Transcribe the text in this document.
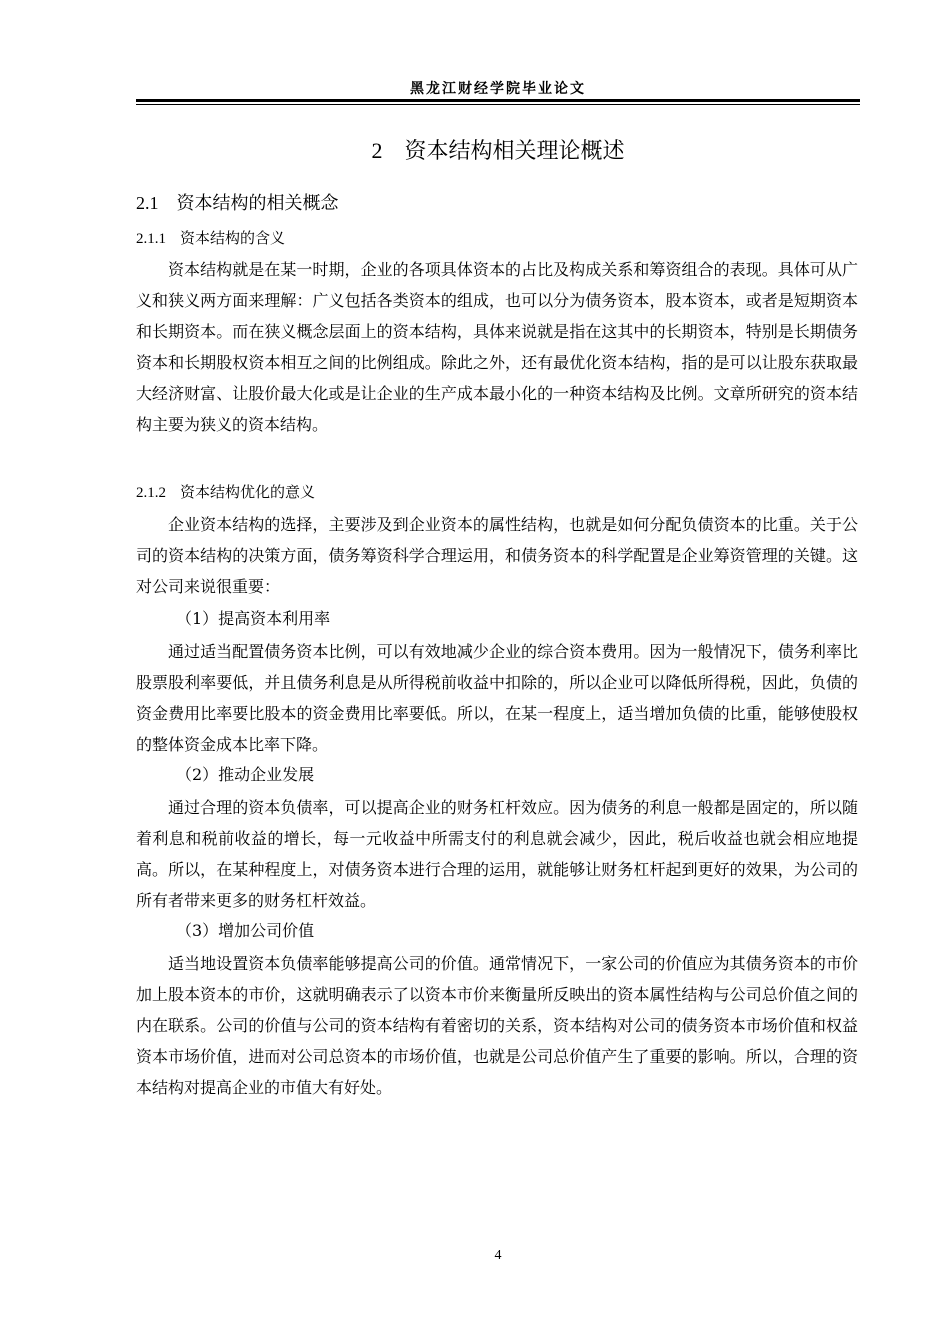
黑龙江财经学院毕业论文
2 资本结构相关理论概述
2.1 资本结构的相关概念
2.1.1 资本结构的含义
资本结构就是在某一时期，企业的各项具体资本的占比及构成关系和筹资组合的表现。具体可从广义和狭义两方面来理解：广义包括各类资本的组成，也可以分为债务资本，股本资本，或者是短期资本和长期资本。而在狭义概念层面上的资本结构，具体来说就是指在这其中的长期资本，特别是长期债务资本和长期股权资本相互之间的比例组成。除此之外，还有最优化资本结构，指的是可以让股东获取最大经济财富、让股价最大化或是让企业的生产成本最小化的一种资本结构及比例。文章所研究的资本结构主要为狭义的资本结构。
2.1.2 资本结构优化的意义
企业资本结构的选择，主要涉及到企业资本的属性结构，也就是如何分配负债资本的比重。关于公司的资本结构的决策方面，债务筹资科学合理运用，和债务资本的科学配置是企业筹资管理的关键。这对公司来说很重要：
（1）提高资本利用率
通过适当配置债务资本比例，可以有效地减少企业的综合资本费用。因为一般情况下，债务利率比股票股利率要低，并且债务利息是从所得税前收益中扣除的，所以企业可以降低所得税，因此，负债的资金费用比率要比股本的资金费用比率要低。所以，在某一程度上，适当增加负债的比重，能够使股权的整体资金成本比率下降。
（2）推动企业发展
通过合理的资本负债率，可以提高企业的财务杠杆效应。因为债务的利息一般都是固定的，所以随着利息和税前收益的增长，每一元收益中所需支付的利息就会减少，因此，税后收益也就会相应地提高。所以，在某种程度上，对债务资本进行合理的运用，就能够让财务杠杆起到更好的效果，为公司的所有者带来更多的财务杠杆效益。
（3）增加公司价值
适当地设置资本负债率能够提高公司的价值。通常情况下，一家公司的价值应为其债务资本的市价加上股本资本的市价，这就明确表示了以资本市价来衡量所反映出的资本属性结构与公司总价值之间的内在联系。公司的价值与公司的资本结构有着密切的关系，资本结构对公司的债务资本市场价值和权益资本市场价值，进而对公司总资本的市场价值，也就是公司总价值产生了重要的影响。所以，合理的资本结构对提高企业的市值大有好处。
4
